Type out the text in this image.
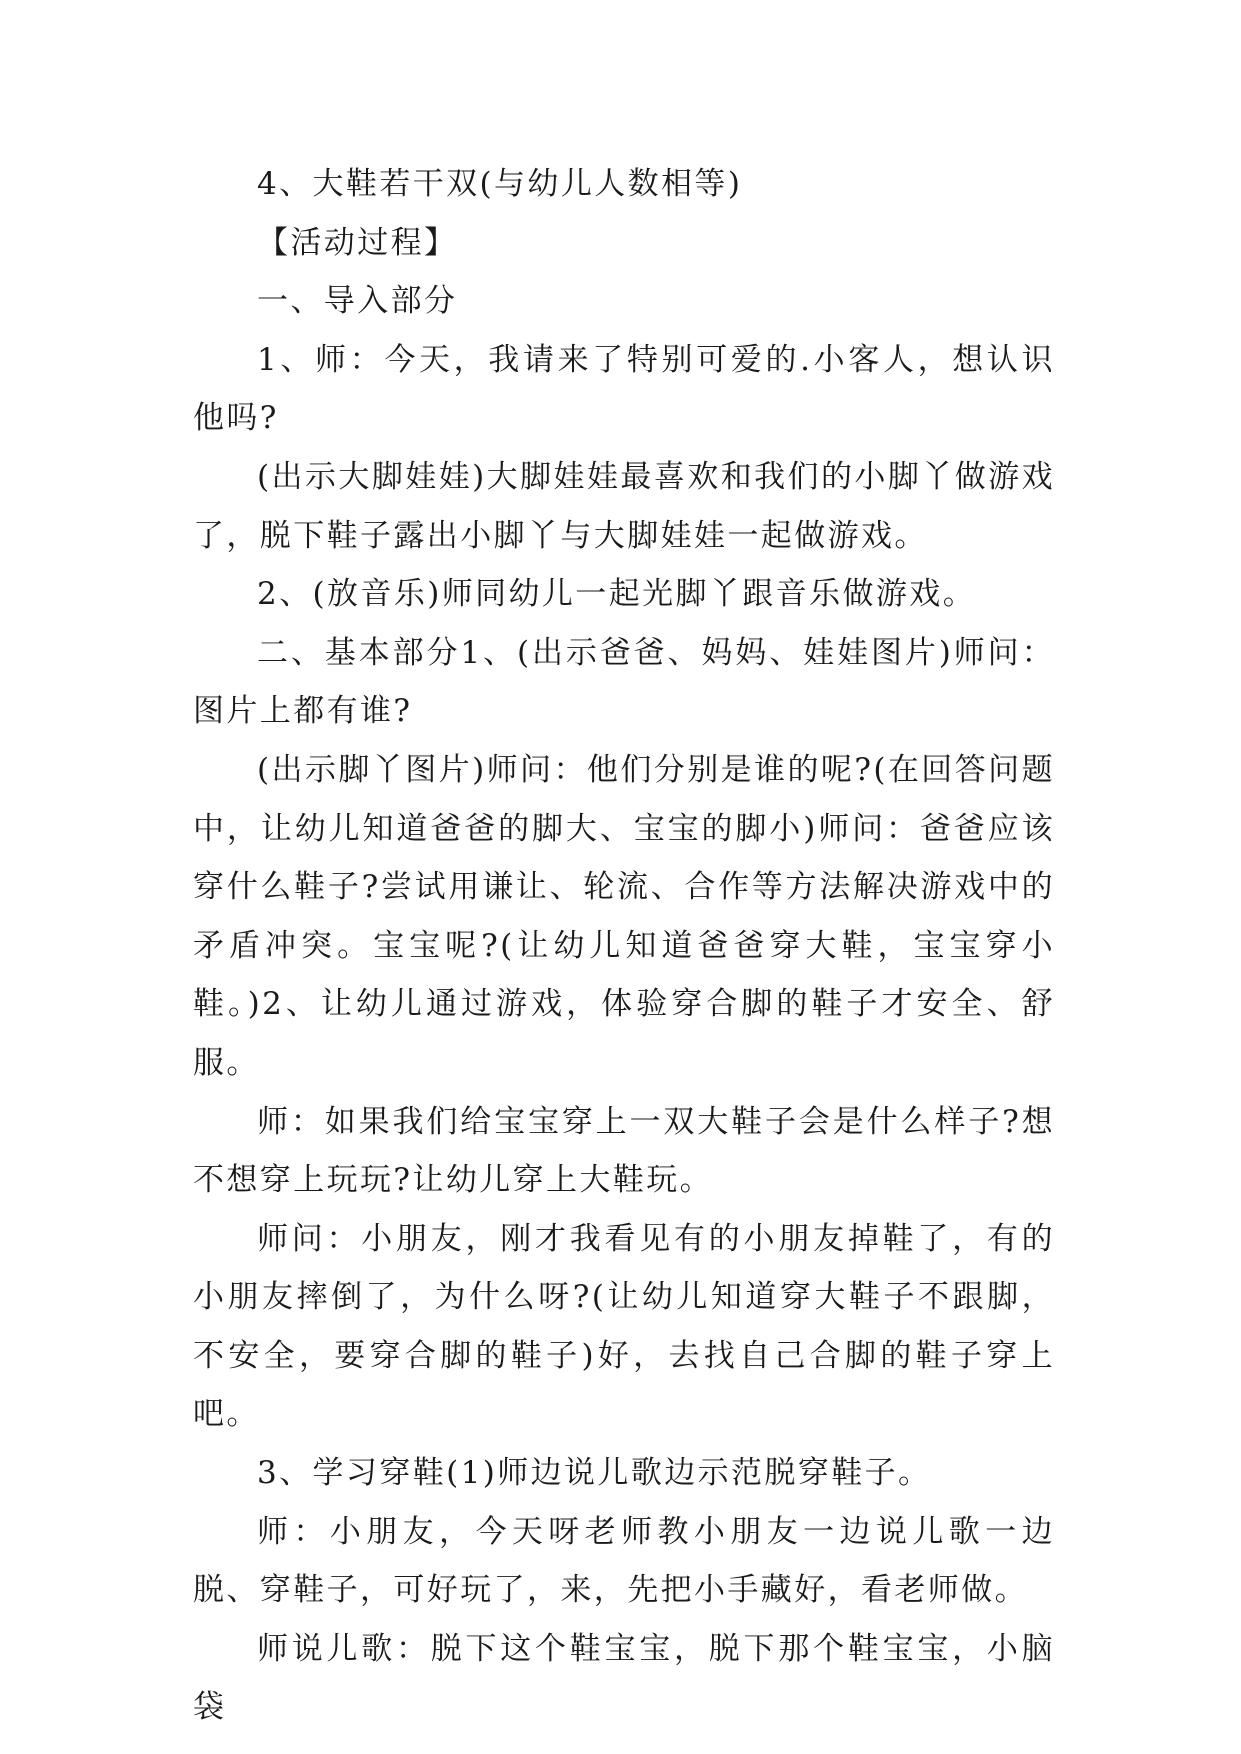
4、大鞋若干双(与幼儿人数相等)

【活动过程】

一、导入部分

1、师：今天，我请来了特别可爱的.小客人，想认识他吗?

(出示大脚娃娃)大脚娃娃最喜欢和我们的小脚丫做游戏了，脱下鞋子露出小脚丫与大脚娃娃一起做游戏。

2、(放音乐)师同幼儿一起光脚丫跟音乐做游戏。

二、基本部分1、(出示爸爸、妈妈、娃娃图片)师问：图片上都有谁?

(出示脚丫图片)师问：他们分别是谁的呢?(在回答问题中，让幼儿知道爸爸的脚大、宝宝的脚小)师问：爸爸应该穿什么鞋子?尝试用谦让、轮流、合作等方法解决游戏中的矛盾冲突。宝宝呢?(让幼儿知道爸爸穿大鞋，宝宝穿小鞋。)2、让幼儿通过游戏，体验穿合脚的鞋子才安全、舒服。

师：如果我们给宝宝穿上一双大鞋子会是什么样子?想不想穿上玩玩?让幼儿穿上大鞋玩。

师问：小朋友，刚才我看见有的小朋友掉鞋了，有的小朋友摔倒了，为什么呀?(让幼儿知道穿大鞋子不跟脚，不安全，要穿合脚的鞋子)好，去找自己合脚的鞋子穿上吧。

3、学习穿鞋(1)师边说儿歌边示范脱穿鞋子。

师：小朋友，今天呀老师教小朋友一边说儿歌一边脱、穿鞋子，可好玩了，来，先把小手藏好，看老师做。

师说儿歌：脱下这个鞋宝宝，脱下那个鞋宝宝，小脑袋
